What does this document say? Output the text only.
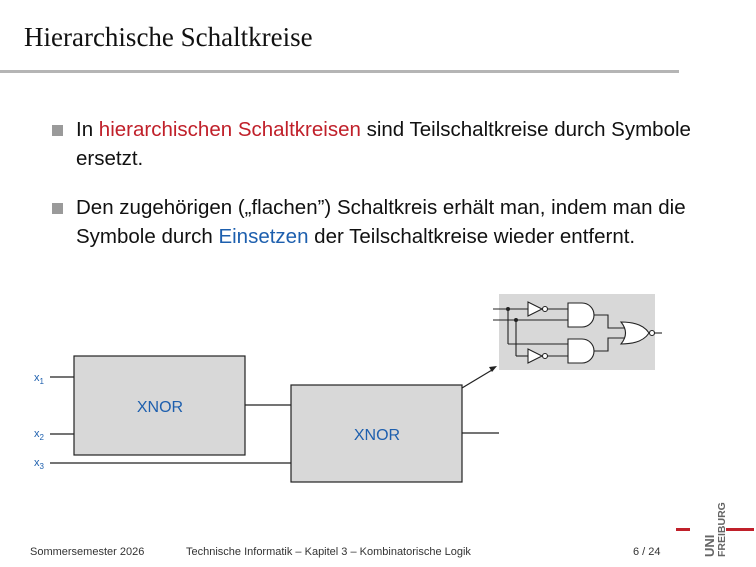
Hierarchische Schaltkreise
In hierarchischen Schaltkreisen sind Teilschaltkreise durch Symbole ersetzt.
Den zugehörigen („flachen”) Schaltkreis erhält man, indem man die Symbole durch Einsetzen der Teilschaltkreise wieder entfernt.
$x_1$
$x_2$
$x_3$
XNOR
XNOR
Sommersemester 2026	Technische Informatik – Kapitel 3 – Kombinatorische Logik	6 / 24	UNI FREIBURG
